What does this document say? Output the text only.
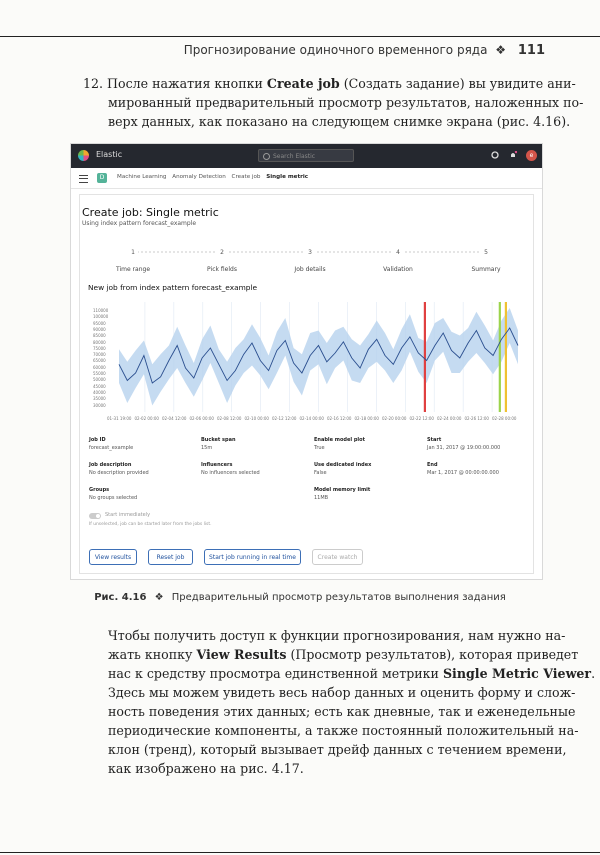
Прогнозирование одиночного временного ряда ❖ 111
12. После нажатия кнопки Create job (Создать задание) вы увидите ани-
мированный предварительный просмотр результатов, наложенных по-
верх данных, как показано на следующем снимке экрана (рис. 4.16).
Elastic	Search Elastic	e
D	Machine Learning Anomaly Detection Create job Single metric
Create job: Single metric
Using index pattern forecast_example
1	2	3	4	5
Time range	Pick fields	Job details	Validation	Summary
New job from index pattern forecast_example
110000
100000
95000
90000
85000
80000
75000
70000
65000
60000
55000
50000
45000
40000
35000
30000
01-31 19:00 02-02 00:00 02-04 12:00 02-06 00:00 02-08 12:00 02-10 00:00 02-12 12:00 02-14 00:00 02-16 12:00 02-18 00:00 02-20 00:00 02-22 12:00 02-24 00:00 02-26 12:00 02-28 00:00
Job ID
forecast_example
Bucket span
15m
Enable model plot
True
Start
Jan 31, 2017 @ 19:00:00.000
Job description
No description provided
Influencers
No influencers selected
Use dedicated index
False
End
Mar 1, 2017 @ 00:00:00.000
Groups
No groups selected
Model memory limit
11MB
Start immediately
If unselected, job can be started later from the jobs list.
View results	Reset job	Start job running in real time	Create watch
Рис. 4.16 ❖ Предварительный просмотр результатов выполнения задания
Чтобы получить доступ к функции прогнозирования, нам нужно на-
жать кнопку View Results (Просмотр результатов), которая приведет
нас к средству просмотра единственной метрики Single Metric Viewer.
Здесь мы можем увидеть весь набор данных и оценить форму и слож-
ность поведения этих данных; есть как дневные, так и еженедельные
периодические компоненты, а также постоянный положительный на-
клон (тренд), который вызывает дрейф данных с течением времени,
как изображено на рис. 4.17.
